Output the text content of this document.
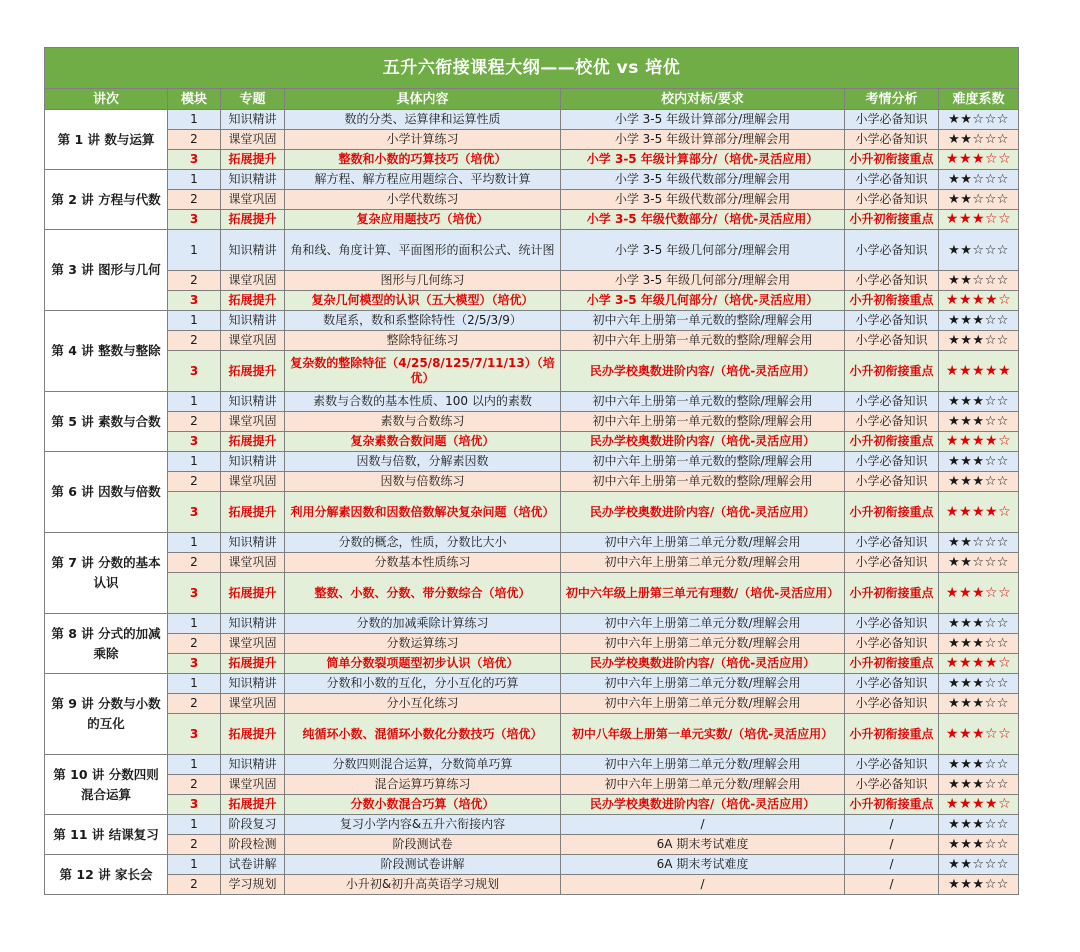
五升六衔接课程大纲——校优 vs 培优						
讲次	模块	专题	具体内容	校内对标/要求	考情分析	难度系数
第 1 讲 数与运算	1	知识精讲	数的分类、运算律和运算性质	小学 3-5 年级计算部分/理解会用	小学必备知识	★★☆☆☆
	2	课堂巩固	小学计算练习	小学 3-5 年级计算部分/理解会用	小学必备知识	★★☆☆☆
	3	拓展提升	整数和小数的巧算技巧（培优）	小学 3-5 年级计算部分/（培优-灵活应用）	小升初衔接重点	★★★☆☆
第 2 讲 方程与代数	1	知识精讲	解方程、解方程应用题综合、平均数计算	小学 3-5 年级代数部分/理解会用	小学必备知识	★★☆☆☆
	2	课堂巩固	小学代数练习	小学 3-5 年级代数部分/理解会用	小学必备知识	★★☆☆☆
	3	拓展提升	复杂应用题技巧（培优）	小学 3-5 年级代数部分/（培优-灵活应用）	小升初衔接重点	★★★☆☆
第 3 讲 图形与几何	1	知识精讲	角和线、角度计算、平面图形的面积公式、统计图	小学 3-5 年级几何部分/理解会用	小学必备知识	★★☆☆☆
	2	课堂巩固	图形与几何练习	小学 3-5 年级几何部分/理解会用	小学必备知识	★★☆☆☆
	3	拓展提升	复杂几何模型的认识（五大模型）（培优）	小学 3-5 年级几何部分/（培优-灵活应用）	小升初衔接重点	★★★★☆
第 4 讲 整数与整除	1	知识精讲	数尾系，数和系整除特性（2/5/3/9）	初中六年上册第一单元数的整除/理解会用	小学必备知识	★★★☆☆
	2	课堂巩固	整除特征练习	初中六年上册第一单元数的整除/理解会用	小学必备知识	★★★☆☆
	3	拓展提升	复杂数的整除特征（4/25/8/125/7/11/13）（培优）	民办学校奥数进阶内容/（培优-灵活应用）	小升初衔接重点	★★★★★
第 5 讲 素数与合数	1	知识精讲	素数与合数的基本性质、100 以内的素数	初中六年上册第一单元数的整除/理解会用	小学必备知识	★★★☆☆
	2	课堂巩固	素数与合数练习	初中六年上册第一单元数的整除/理解会用	小学必备知识	★★★☆☆
	3	拓展提升	复杂素数合数问题（培优）	民办学校奥数进阶内容/（培优-灵活应用）	小升初衔接重点	★★★★☆
第 6 讲 因数与倍数	1	知识精讲	因数与倍数，分解素因数	初中六年上册第一单元数的整除/理解会用	小学必备知识	★★★☆☆
	2	课堂巩固	因数与倍数练习	初中六年上册第一单元数的整除/理解会用	小学必备知识	★★★☆☆
	3	拓展提升	利用分解素因数和因数倍数解决复杂问题（培优）	民办学校奥数进阶内容/（培优-灵活应用）	小升初衔接重点	★★★★☆
第 7 讲 分数的基本认识	1	知识精讲	分数的概念，性质，分数比大小	初中六年上册第二单元分数/理解会用	小学必备知识	★★☆☆☆
	2	课堂巩固	分数基本性质练习	初中六年上册第二单元分数/理解会用	小学必备知识	★★☆☆☆
	3	拓展提升	整数、小数、分数、带分数综合（培优）	初中六年级上册第三单元有理数/（培优-灵活应用）	小升初衔接重点	★★★☆☆
第 8 讲 分式的加减乘除	1	知识精讲	分数的加减乘除计算练习	初中六年上册第二单元分数/理解会用	小学必备知识	★★★☆☆
	2	课堂巩固	分数运算练习	初中六年上册第二单元分数/理解会用	小学必备知识	★★★☆☆
	3	拓展提升	简单分数裂项题型初步认识（培优）	民办学校奥数进阶内容/（培优-灵活应用）	小升初衔接重点	★★★★☆
第 9 讲 分数与小数的互化	1	知识精讲	分数和小数的互化，分小互化的巧算	初中六年上册第二单元分数/理解会用	小学必备知识	★★★☆☆
	2	课堂巩固	分小互化练习	初中六年上册第二单元分数/理解会用	小学必备知识	★★★☆☆
	3	拓展提升	纯循环小数、混循环小数化分数技巧（培优）	初中八年级上册第一单元实数/（培优-灵活应用）	小升初衔接重点	★★★☆☆
第 10 讲 分数四则混合运算	1	知识精讲	分数四则混合运算，分数简单巧算	初中六年上册第二单元分数/理解会用	小学必备知识	★★★☆☆
	2	课堂巩固	混合运算巧算练习	初中六年上册第二单元分数/理解会用	小学必备知识	★★★☆☆
	3	拓展提升	分数小数混合巧算（培优）	民办学校奥数进阶内容/（培优-灵活应用）	小升初衔接重点	★★★★☆
第 11 讲 结课复习	1	阶段复习	复习小学内容&五升六衔接内容	/	/	★★★☆☆
	2	阶段检测	阶段测试卷	6A 期末考试难度	/	★★★☆☆
第 12 讲 家长会	1	试卷讲解	阶段测试卷讲解	6A 期末考试难度	/	★★☆☆☆
	2	学习规划	小升初&初升高英语学习规划	/	/	★★★☆☆
